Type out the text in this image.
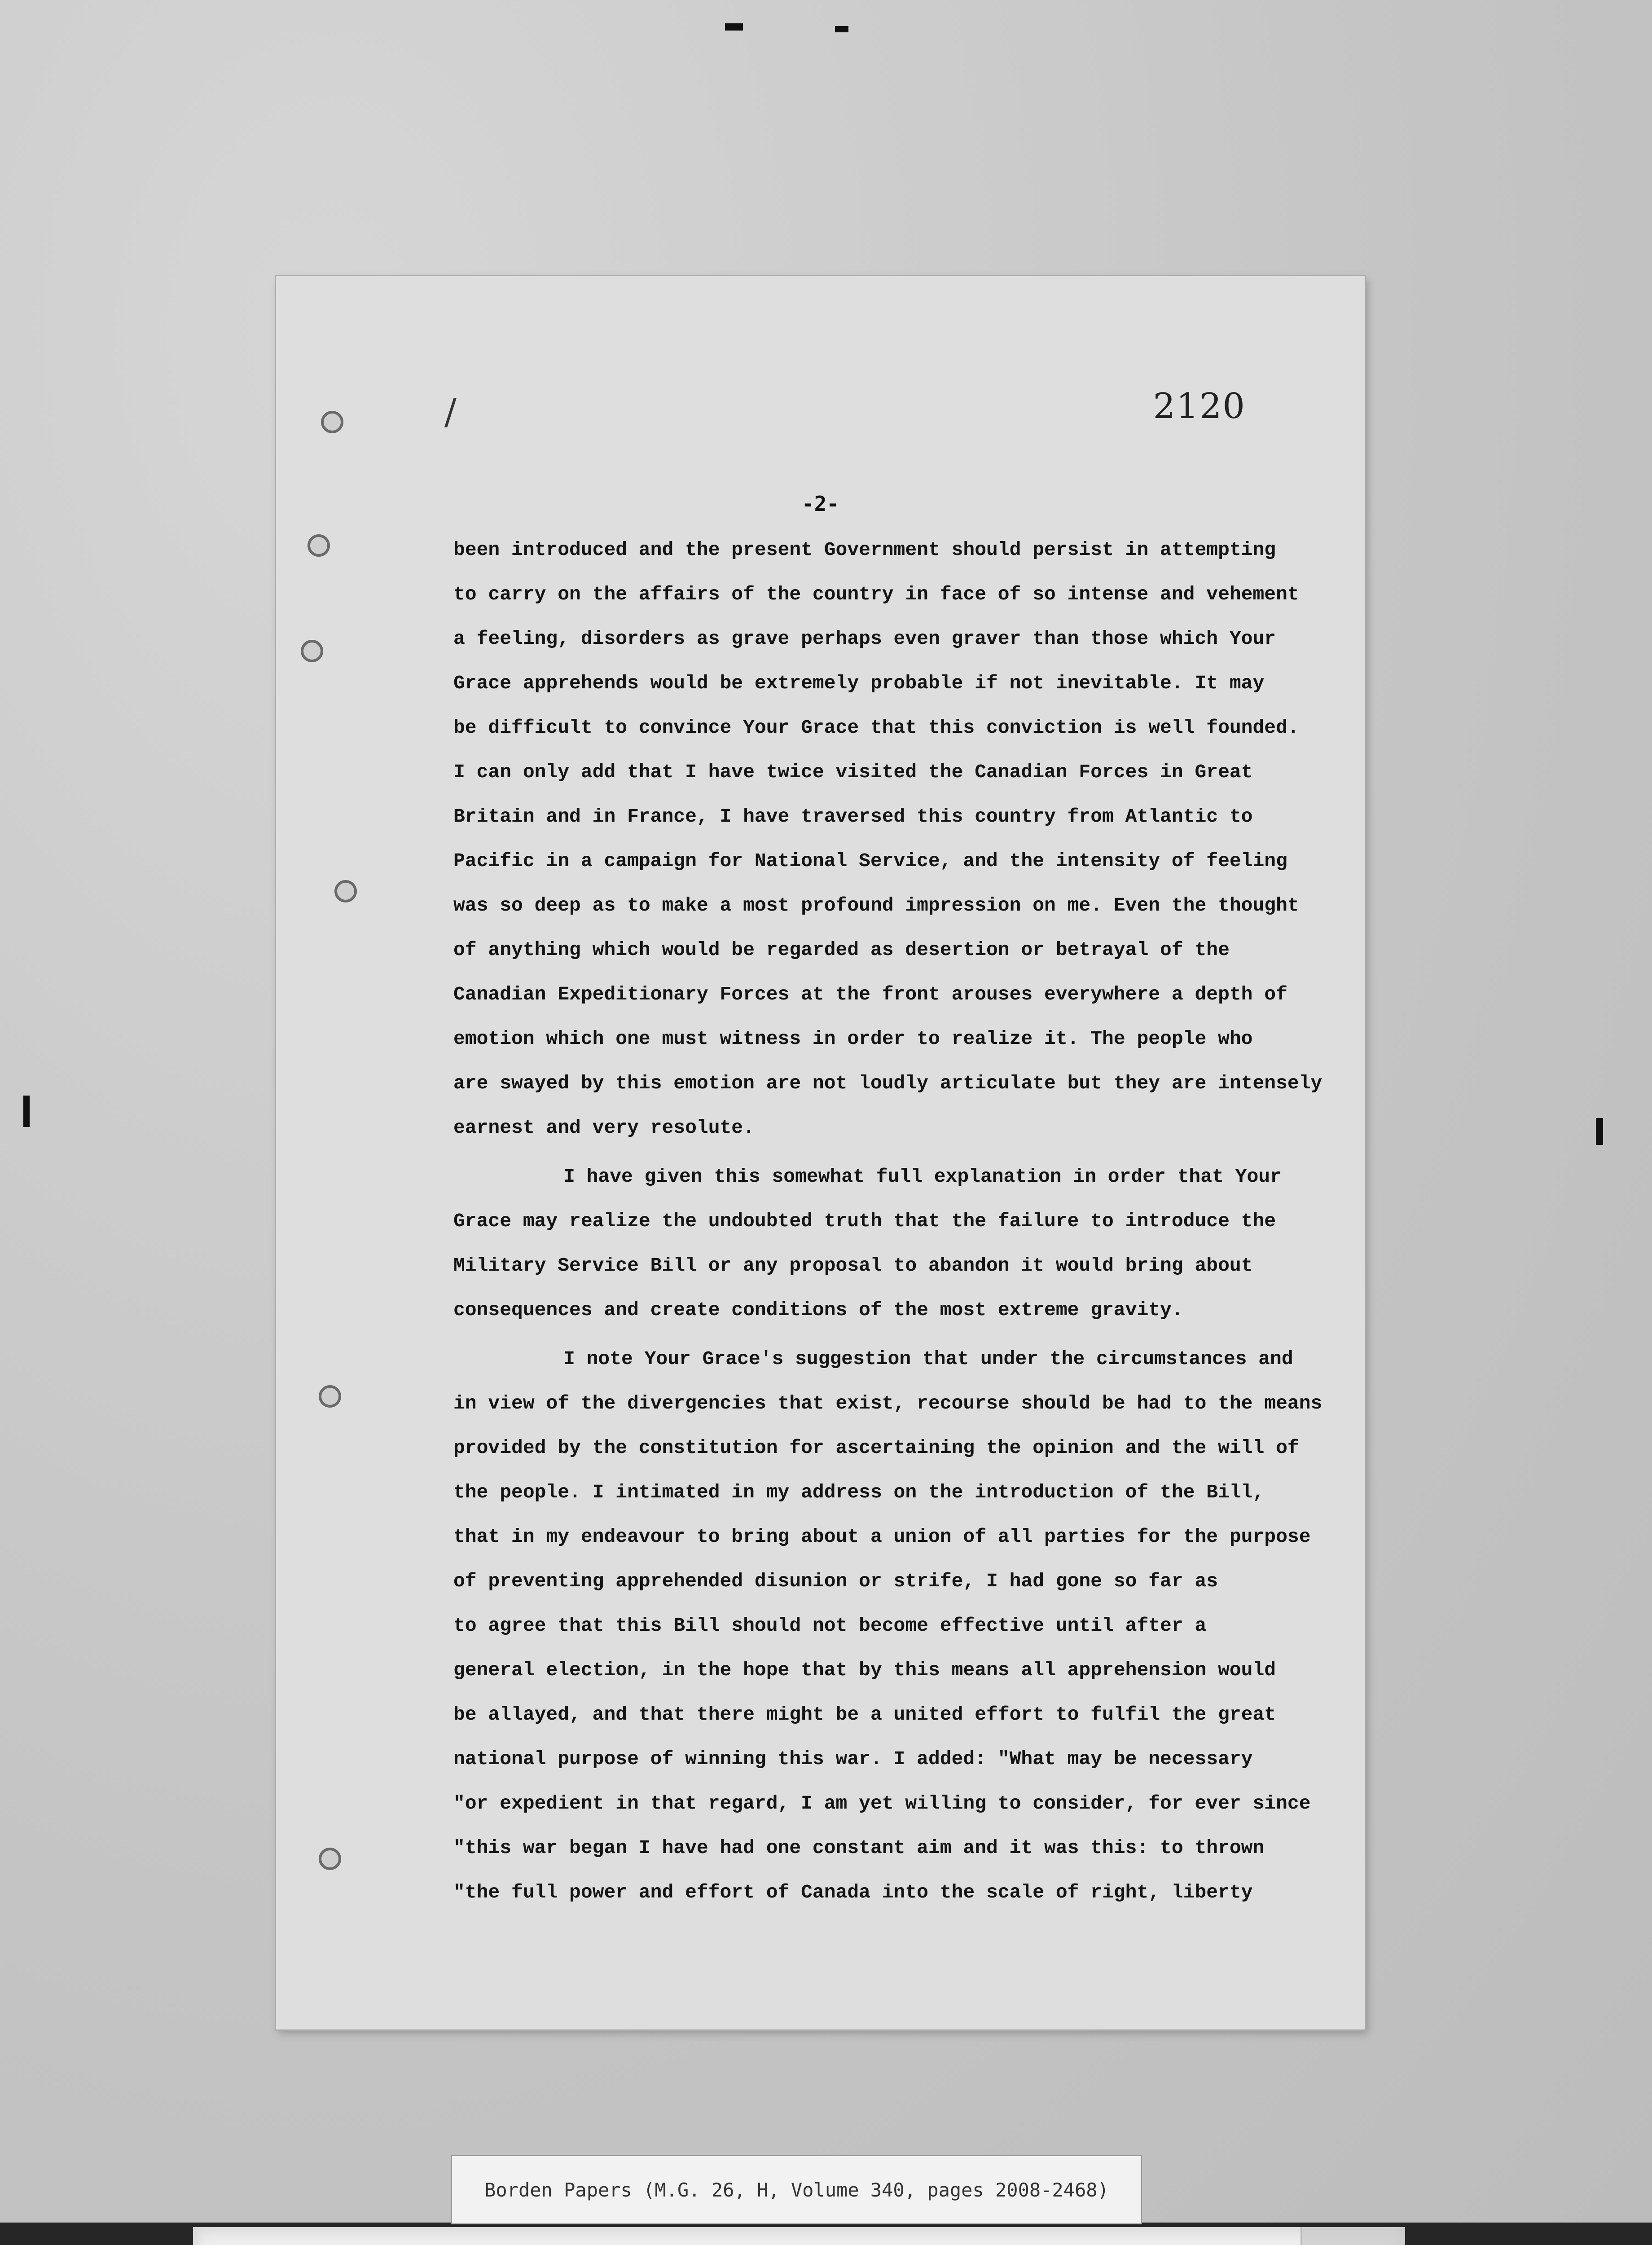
/	2120
-2-
been introduced and the present Government should persist in attempting
to carry on the affairs of the country in face of so intense and vehement
a feeling, disorders as grave perhaps even graver than those which Your
Grace apprehends would be extremely probable if not inevitable. It may
be difficult to convince Your Grace that this conviction is well founded.
I can only add that I have twice visited the Canadian Forces in Great
Britain and in France, I have traversed this country from Atlantic to
Pacific in a campaign for National Service, and the intensity of feeling
was so deep as to make a most profound impression on me. Even the thought
of anything which would be regarded as desertion or betrayal of the
Canadian Expeditionary Forces at the front arouses everywhere a depth of
emotion which one must witness in order to realize it. The people who
are swayed by this emotion are not loudly articulate but they are intensely
earnest and very resolute.
I have given this somewhat full explanation in order that Your
Grace may realize the undoubted truth that the failure to introduce the
Military Service Bill or any proposal to abandon it would bring about
consequences and create conditions of the most extreme gravity.
I note Your Grace's suggestion that under the circumstances and
in view of the divergencies that exist, recourse should be had to the means
provided by the constitution for ascertaining the opinion and the will of
the people. I intimated in my address on the introduction of the Bill,
that in my endeavour to bring about a union of all parties for the purpose
of preventing apprehended disunion or strife, I had gone so far as
to agree that this Bill should not become effective until after a
general election, in the hope that by this means all apprehension would
be allayed, and that there might be a united effort to fulfil the great
national purpose of winning this war. I added: "What may be necessary
"or expedient in that regard, I am yet willing to consider, for ever since
"this war began I have had one constant aim and it was this: to thrown
"the full power and effort of Canada into the scale of right, liberty
Borden Papers (M.G. 26, H, Volume 340, pages 2008-2468)
